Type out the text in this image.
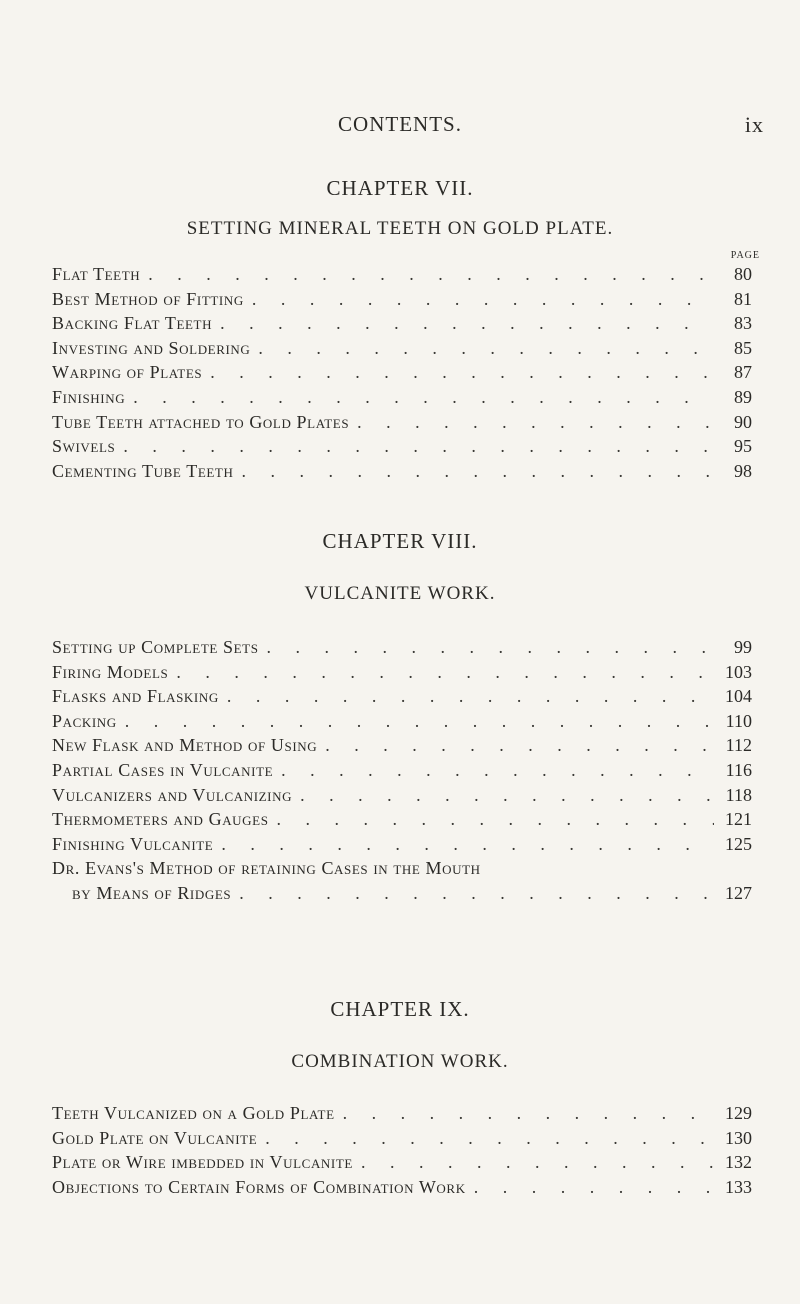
CONTENTS.	ix
CHAPTER VII.
SETTING MINERAL TEETH ON GOLD PLATE.
PAGE
Flat Teeth . . .	80
Best Method of Fitting . . .	81
Backing Flat Teeth . . .	83
Investing and Soldering . . .	85
Warping of Plates . . .	87
Finishing . . .	89
Tube Teeth attached to Gold Plates . . .	90
Swivels . . .	95
Cementing Tube Teeth . . .	98
CHAPTER VIII.
VULCANITE WORK.
Setting up Complete Sets . . .	99
Firing Models . . .	103
Flasks and Flasking . . .	104
Packing . . .	110
New Flask and Method of Using . . .	112
Partial Cases in Vulcanite . . .	116
Vulcanizers and Vulcanizing . . .	118
Thermometers and Gauges . . .	121
Finishing Vulcanite . . .	125
Dr. Evans's Method of retaining Cases in the Mouth
by Means of Ridges . . .	127
CHAPTER IX.
COMBINATION WORK.
Teeth Vulcanized on a Gold Plate . . .	129
Gold Plate on Vulcanite . . .	130
Plate or Wire imbedded in Vulcanite . . .	132
Objections to Certain Forms of Combination Work . . .	133
